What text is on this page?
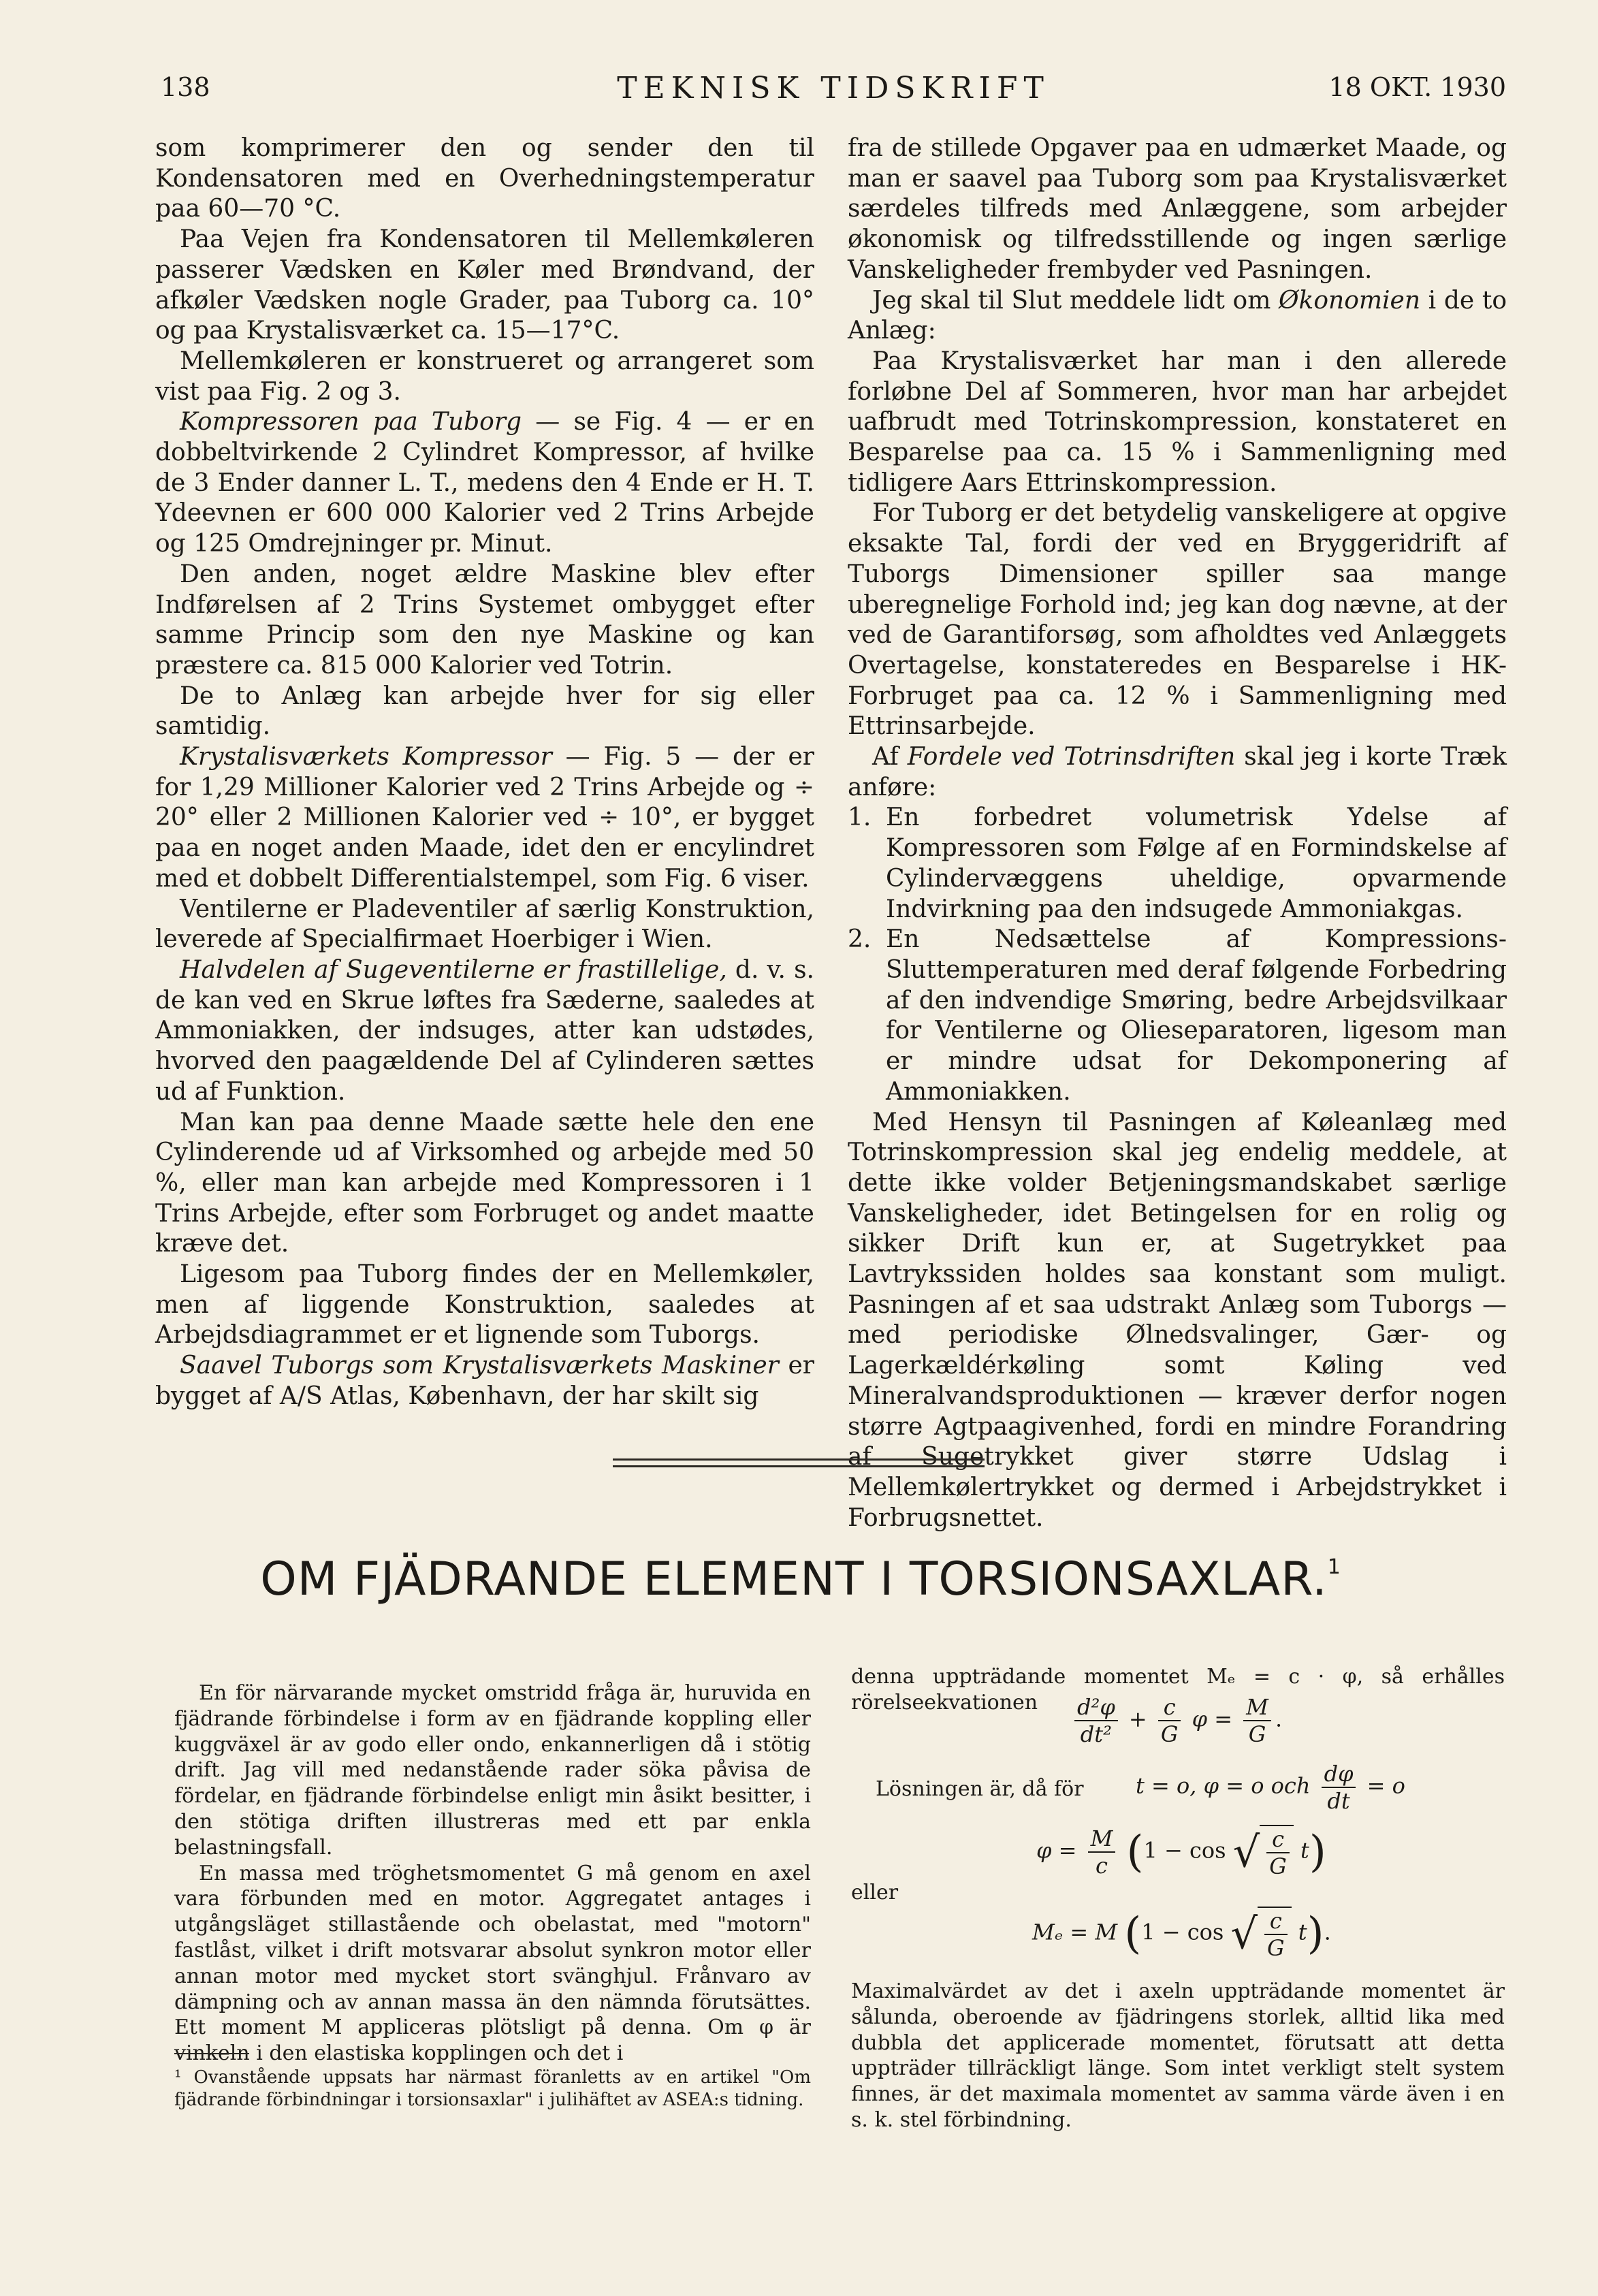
138	TEKNISK TIDSKRIFT	18 OKT. 1930

som komprimerer den og sender den til Kondensatoren med en Overhedningstemperatur paa 60—70 °C.

Paa Vejen fra Kondensatoren til Mellemkøleren passerer Vædsken en Køler med Brøndvand, der afkøler Vædsken nogle Grader, paa Tuborg ca. 10° og paa Krystalisværket ca. 15—17°C.

Mellemkøleren er konstrueret og arrangeret som vist paa Fig. 2 og 3.

Kompressoren paa Tuborg — se Fig. 4 — er en dobbeltvirkende 2 Cylindret Kompressor, af hvilke de 3 Ender danner L. T., medens den 4 Ende er H. T. Ydeevnen er 600 000 Kalorier ved 2 Trins Arbejde og 125 Omdrejninger pr. Minut.

Den anden, noget ældre Maskine blev efter Indførelsen af 2 Trins Systemet ombygget efter samme Princip som den nye Maskine og kan præstere ca. 815 000 Kalorier ved Totrin.

De to Anlæg kan arbejde hver for sig eller samtidig.

Krystalisværkets Kompressor — Fig. 5 — der er for 1,29 Millioner Kalorier ved 2 Trins Arbejde og ÷ 20° eller 2 Millionen Kalorier ved ÷ 10°, er bygget paa en noget anden Maade, idet den er encylindret med et dobbelt Differentialstempel, som Fig. 6 viser.

Ventilerne er Pladeventiler af særlig Konstruktion, leverede af Specialfirmaet Hoerbiger i Wien.

Halvdelen af Sugeventilerne er frastillelige, d. v. s. de kan ved en Skrue løftes fra Sæderne, saaledes at Ammoniakken, der indsuges, atter kan udstødes, hvorved den paagældende Del af Cylinderen sættes ud af Funktion.

Man kan paa denne Maade sætte hele den ene Cylinderende ud af Virksomhed og arbejde med 50 %, eller man kan arbejde med Kompressoren i 1 Trins Arbejde, efter som Forbruget og andet maatte kræve det.

Ligesom paa Tuborg findes der en Mellemkøler, men af liggende Konstruktion, saaledes at Arbejdsdiagrammet er et lignende som Tuborgs.

Saavel Tuborgs som Krystalisværkets Maskiner er bygget af A/S Atlas, København, der har skilt sig

fra de stillede Opgaver paa en udmærket Maade, og man er saavel paa Tuborg som paa Krystalisværket særdeles tilfreds med Anlæggene, som arbejder økonomisk og tilfredsstillende og ingen særlige Vanskeligheder frembyder ved Pasningen.

Jeg skal til Slut meddele lidt om Økonomien i de to Anlæg:

Paa Krystalisværket har man i den allerede forløbne Del af Sommeren, hvor man har arbejdet uafbrudt med Totrinskompression, konstateret en Besparelse paa ca. 15 % i Sammenligning med tidligere Aars Ettrinskompression.

For Tuborg er det betydelig vanskeligere at opgive eksakte Tal, fordi der ved en Bryggeridrift af Tuborgs Dimensioner spiller saa mange uberegnelige Forhold ind; jeg kan dog nævne, at der ved de Garantiforsøg, som afholdtes ved Anlæggets Overtagelse, konstateredes en Besparelse i HK-Forbruget paa ca. 12 % i Sammenligning med Ettrinsarbejde.

Af Fordele ved Totrinsdriften skal jeg i korte Træk anføre:

1. En forbedret volumetrisk Ydelse af Kompressoren som Følge af en Formindskelse af Cylindervæggens uheldige, opvarmende Indvirkning paa den indsugede Ammoniakgas.
2. En Nedsættelse af Kompressions-Sluttemperaturen med deraf følgende Forbedring af den indvendige Smøring, bedre Arbejdsvilkaar for Ventilerne og Olieseparatoren, ligesom man er mindre udsat for Dekomponering af Ammoniakken.

Med Hensyn til Pasningen af Køleanlæg med Totrinskompression skal jeg endelig meddele, at dette ikke volder Betjeningsmandskabet særlige Vanskeligheder, idet Betingelsen for en rolig og sikker Drift kun er, at Sugetrykket paa Lavtrykssiden holdes saa konstant som muligt. Pasningen af et saa udstrakt Anlæg som Tuborgs — med periodiske Ølnedsvalinger, Gær- og Lagerkældérkøling somt Køling ved Mineralvandsproduktionen — kræver derfor nogen større Agtpaagivenhed, fordi en mindre Forandring af Sugetrykket giver større Udslag i Mellemkølertrykket og dermed i Arbejdstrykket i Forbrugsnettet.

OM FJÄDRANDE ELEMENT I TORSIONSAXLAR.$^1$

En för närvarande mycket omstridd fråga är, huruvida en fjädrande förbindelse i form av en fjädrande koppling eller kuggväxel är av godo eller ondo, enkannerligen då i stötig drift. Jag vill med nedanstående rader söka påvisa de fördelar, en fjädrande förbindelse enligt min åsikt besitter, i den stötiga driften illustreras med ett par enkla belastningsfall.

En massa med tröghetsmomentet G må genom en axel vara förbunden med en motor. Aggregatet antages i utgångsläget stillastående och obelastat, med "motorn" fastlåst, vilket i drift motsvarar absolut synkron motor eller annan motor med mycket stort svänghjul. Frånvaro av dämpning och av annan massa än den nämnda förutsättes. Ett moment M appliceras plötsligt på denna. Om φ är vinkeln i den elastiska kopplingen och det i

¹ Ovanstående uppsats har närmast föranletts av en artikel "Om fjädrande förbindningar i torsionsaxlar" i julihäftet av ASEA:s tidning.

denna uppträdande momentet Mₑ = c · φ, så erhålles rörelseekvationen	$\frac{\text{d²φ}}{\text{dt²}} + \frac{c}{G}$ $\varphi = \frac{M}{G}$ .
Lösningen är, då för t = o, φ = o och $\frac{d\varphi}{dt} = o$
$\varphi = \frac{M}{c} (1 - \cos$ √ $\frac{c}{G} t$)
eller
Mₑ = M (1 − cos √ $\frac{c}{G} t$).

Maximalvärdet av det i axeln uppträdande momentet är sålunda, oberoende av fjädringens storlek, alltid lika med dubbla det applicerade momentet, förutsatt att detta uppträder tillräckligt länge. Som intet verkligt stelt system finnes, är det maximala momentet av samma värde även i en s. k. stel förbindning.
